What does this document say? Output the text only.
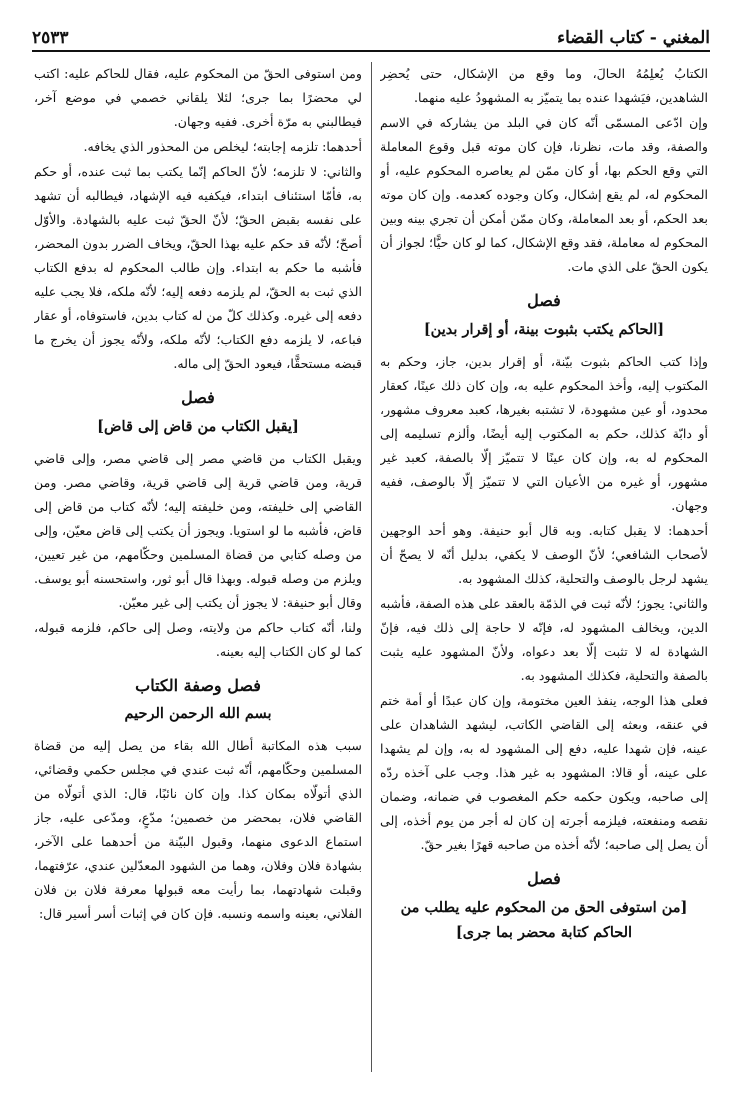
المغني - كتاب القضاء
٢٥٣٣

الكتابُ يُعلِمُهُ الحالَ، وما وقع من الإشكال، حتى يُحضِر الشاهدين، فيَشهدا عنده بما يتميّز به المشهودُ عليه منهما.

وإن ادّعى المسمّى أنّه كان في البلد من يشاركه في الاسم والصفة، وقد مات، نظرنا، فإن كان موته قبل وقوع المعاملة التي وقع الحكم بها، أو كان ممّن لم يعاصره المحكوم عليه، أو المحكوم له، لم يقع إشكال، وكان وجوده كعدمه. وإن كان موته بعد الحكم، أو بعد المعاملة، وكان ممّن أمكن أن تجري بينه وبين المحكوم له معاملة، فقد وقع الإشكال، كما لو كان حيًّا؛ لجواز أن يكون الحقّ على الذي مات.

فصل
[الحاكم يكتب بثبوت بينة، أو إقرار بدين]

وإذا كتب الحاكم بثبوت بيّنة، أو إقرار بدين، جاز، وحكم به المكتوب إليه، وأخذ المحكوم عليه به، وإن كان ذلك عينًا، كعقار محدود، أو عين مشهودة، لا تشتبه بغيرها، كعبد معروف مشهور، أو دابّة كذلك، حكم به المكتوب إليه أيضًا، وألزم تسليمه إلى المحكوم له به، وإن كان عينًا لا تتميّز إلّا بالصفة، كعبد غير مشهور، أو غيره من الأعيان التي لا تتميّز إلّا بالوصف، ففيه وجهان.

أحدهما: لا يقبل كتابه. وبه قال أبو حنيفة. وهو أحد الوجهين لأصحاب الشافعي؛ لأنّ الوصف لا يكفي، بدليل أنّه لا يصحّ أن يشهد لرجل بالوصف والتحلية، كذلك المشهود به.

والثاني: يجوز؛ لأنّه ثبت في الذمّة بالعقد على هذه الصفة، فأشبه الدين، ويخالف المشهود له، فإنّه لا حاجة إلى ذلك فيه، فإنّ الشهادة له لا تثبت إلّا بعد دعواه، ولأنّ المشهود عليه يثبت بالصفة والتحلية، فكذلك المشهود به.

فعلى هذا الوجه، ينفذ العين مختومة، وإن كان عبدًا أو أمة ختم في عنقه، وبعثه إلى القاضي الكاتب، ليشهد الشاهدان على عينه، فإن شهدا عليه، دفع إلى المشهود له به، وإن لم يشهدا على عينه، أو قالا: المشهود به غير هذا. وجب على آخذه ردّه إلى صاحبه، ويكون حكمه حكم المغصوب في ضمانه، وضمان نقصه ومنفعته، فيلزمه أجرته إن كان له أجر من يوم أخذه، إلى أن يصل إلى صاحبه؛ لأنّه أخذه من صاحبه قهرًا بغير حقّ.

فصل
[من استوفى الحق من المحكوم عليه يطلب من الحاكم كتابة محضر بما جرى]

ومن استوفى الحقّ من المحكوم عليه، فقال للحاكم عليه: اكتب لي محضرًا بما جرى؛ لئلا يلقاني خصمي في موضع آخر، فيطالبني به مرّة أخرى. ففيه وجهان.

أحدهما: تلزمه إجابته؛ ليخلص من المحذور الذي يخافه.

والثاني: لا تلزمه؛ لأنّ الحاكم إنّما يكتب بما ثبت عنده، أو حكم به، فأمّا استئناف ابتداء، فيكفيه فيه الإشهاد، فيطالبه أن تشهد على نفسه بقبض الحقّ؛ لأنّ الحقّ ثبت عليه بالشهادة. والأوّل أصحّ؛ لأنّه قد حكم عليه بهذا الحقّ، ويخاف الضرر بدون المحضر، فأشبه ما حكم به ابتداء. وإن طالب المحكوم له بدفع الكتاب الذي ثبت به الحقّ، لم يلزمه دفعه إليه؛ لأنّه ملكه، فلا يجب عليه دفعه إلى غيره. وكذلك كلّ من له كتاب بدين، فاستوفاه، أو عقار فباعه، لا يلزمه دفع الكتاب؛ لأنّه ملكه، ولأنّه يجوز أن يخرج ما قبضه مستحقًّا، فيعود الحقّ إلى ماله.

فصل
[يقبل الكتاب من قاض إلى قاض]

ويقبل الكتاب من قاضي مصر إلى قاضي مصر، وإلى قاضي قرية، ومن قاضي قرية إلى قاضي قرية، وقاضي مصر. ومن القاضي إلى خليفته، ومن خليفته إليه؛ لأنّه كتاب من قاض إلى قاض، فأشبه ما لو استويا. ويجوز أن يكتب إلى قاض معيّن، وإلى من وصله كتابي من قضاة المسلمين وحكّامهم، من غير تعيين، ويلزم من وصله قبوله. وبهذا قال أبو ثور، واستحسنه أبو يوسف. وقال أبو حنيفة: لا يجوز أن يكتب إلى غير معيّن.

ولنا، أنّه كتاب حاكم من ولايته، وصل إلى حاكم، فلزمه قبوله، كما لو كان الكتاب إليه بعينه.

فصل وصفة الكتاب
بسم الله الرحمن الرحيم

سبب هذه المكاتبة أطال الله بقاء من يصل إليه من قضاة المسلمين وحكّامهم، أنّه ثبت عندي في مجلس حكمي وقضائي، الذي أتولّاه بمكان كذا. وإن كان نائبًا، قال: الذي أتولّاه من القاضي فلان، بمحضر من خصمين؛ مدّعٍ، ومدّعى عليه، جاز استماع الدعوى منهما، وقبول البيّنة من أحدهما على الآخر، بشهادة فلان وفلان، وهما من الشهود المعدّلين عندي، عرّفتهما، وقبلت شهادتهما، بما رأيت معه قبولها معرفة فلان بن فلان الفلاني، بعينه واسمه ونسبه. فإن كان في إثبات أسر أسير قال:
